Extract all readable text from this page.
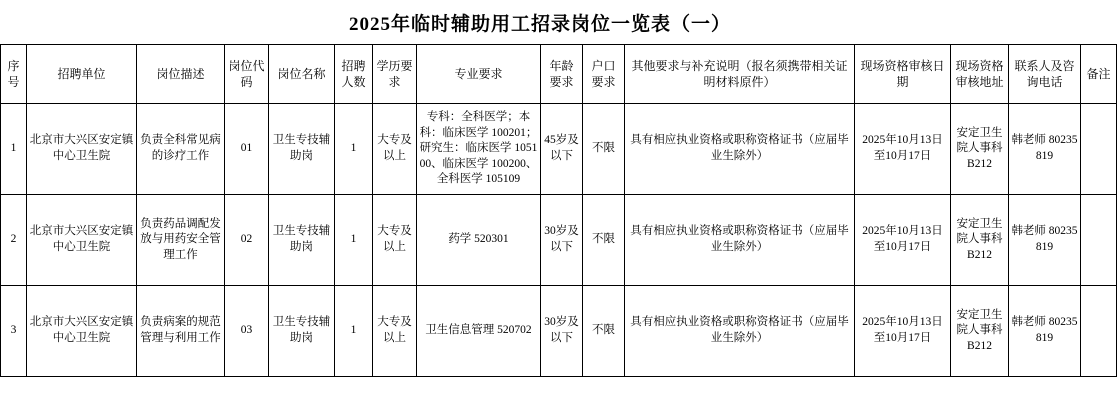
2025年临时辅助用工招录岗位一览表（一）
序号	招聘单位	岗位描述	岗位代码	岗位名称	招聘人数	学历要求	专业要求	年龄要求	户口要求	其他要求与补充说明（报名须携带相关证明材料原件）	现场资格审核日期	现场资格审核地址	联系人及咨询电话	备注
1	北京市大兴区安定镇中心卫生院	负责全科常见病的诊疗工作	01	卫生专技辅助岗	1	大专及以上	专科：全科医学；本科：临床医学 100201；研究生：临床医学 105100、临床医学 100200、全科医学 105109	45岁及以下	不限	具有相应执业资格或职称资格证书（应届毕业生除外）	2025年10月13日至10月17日	安定卫生院人事科B212	韩老师 80235819	
2	北京市大兴区安定镇中心卫生院	负责药品调配发放与用药安全管理工作	02	卫生专技辅助岗	1	大专及以上	药学 520301	30岁及以下	不限	具有相应执业资格或职称资格证书（应届毕业生除外）	2025年10月13日至10月17日	安定卫生院人事科B212	韩老师 80235819	
3	北京市大兴区安定镇中心卫生院	负责病案的规范管理与利用工作	03	卫生专技辅助岗	1	大专及以上	卫生信息管理 520702	30岁及以下	不限	具有相应执业资格或职称资格证书（应届毕业生除外）	2025年10月13日至10月17日	安定卫生院人事科B212	韩老师 80235819	
